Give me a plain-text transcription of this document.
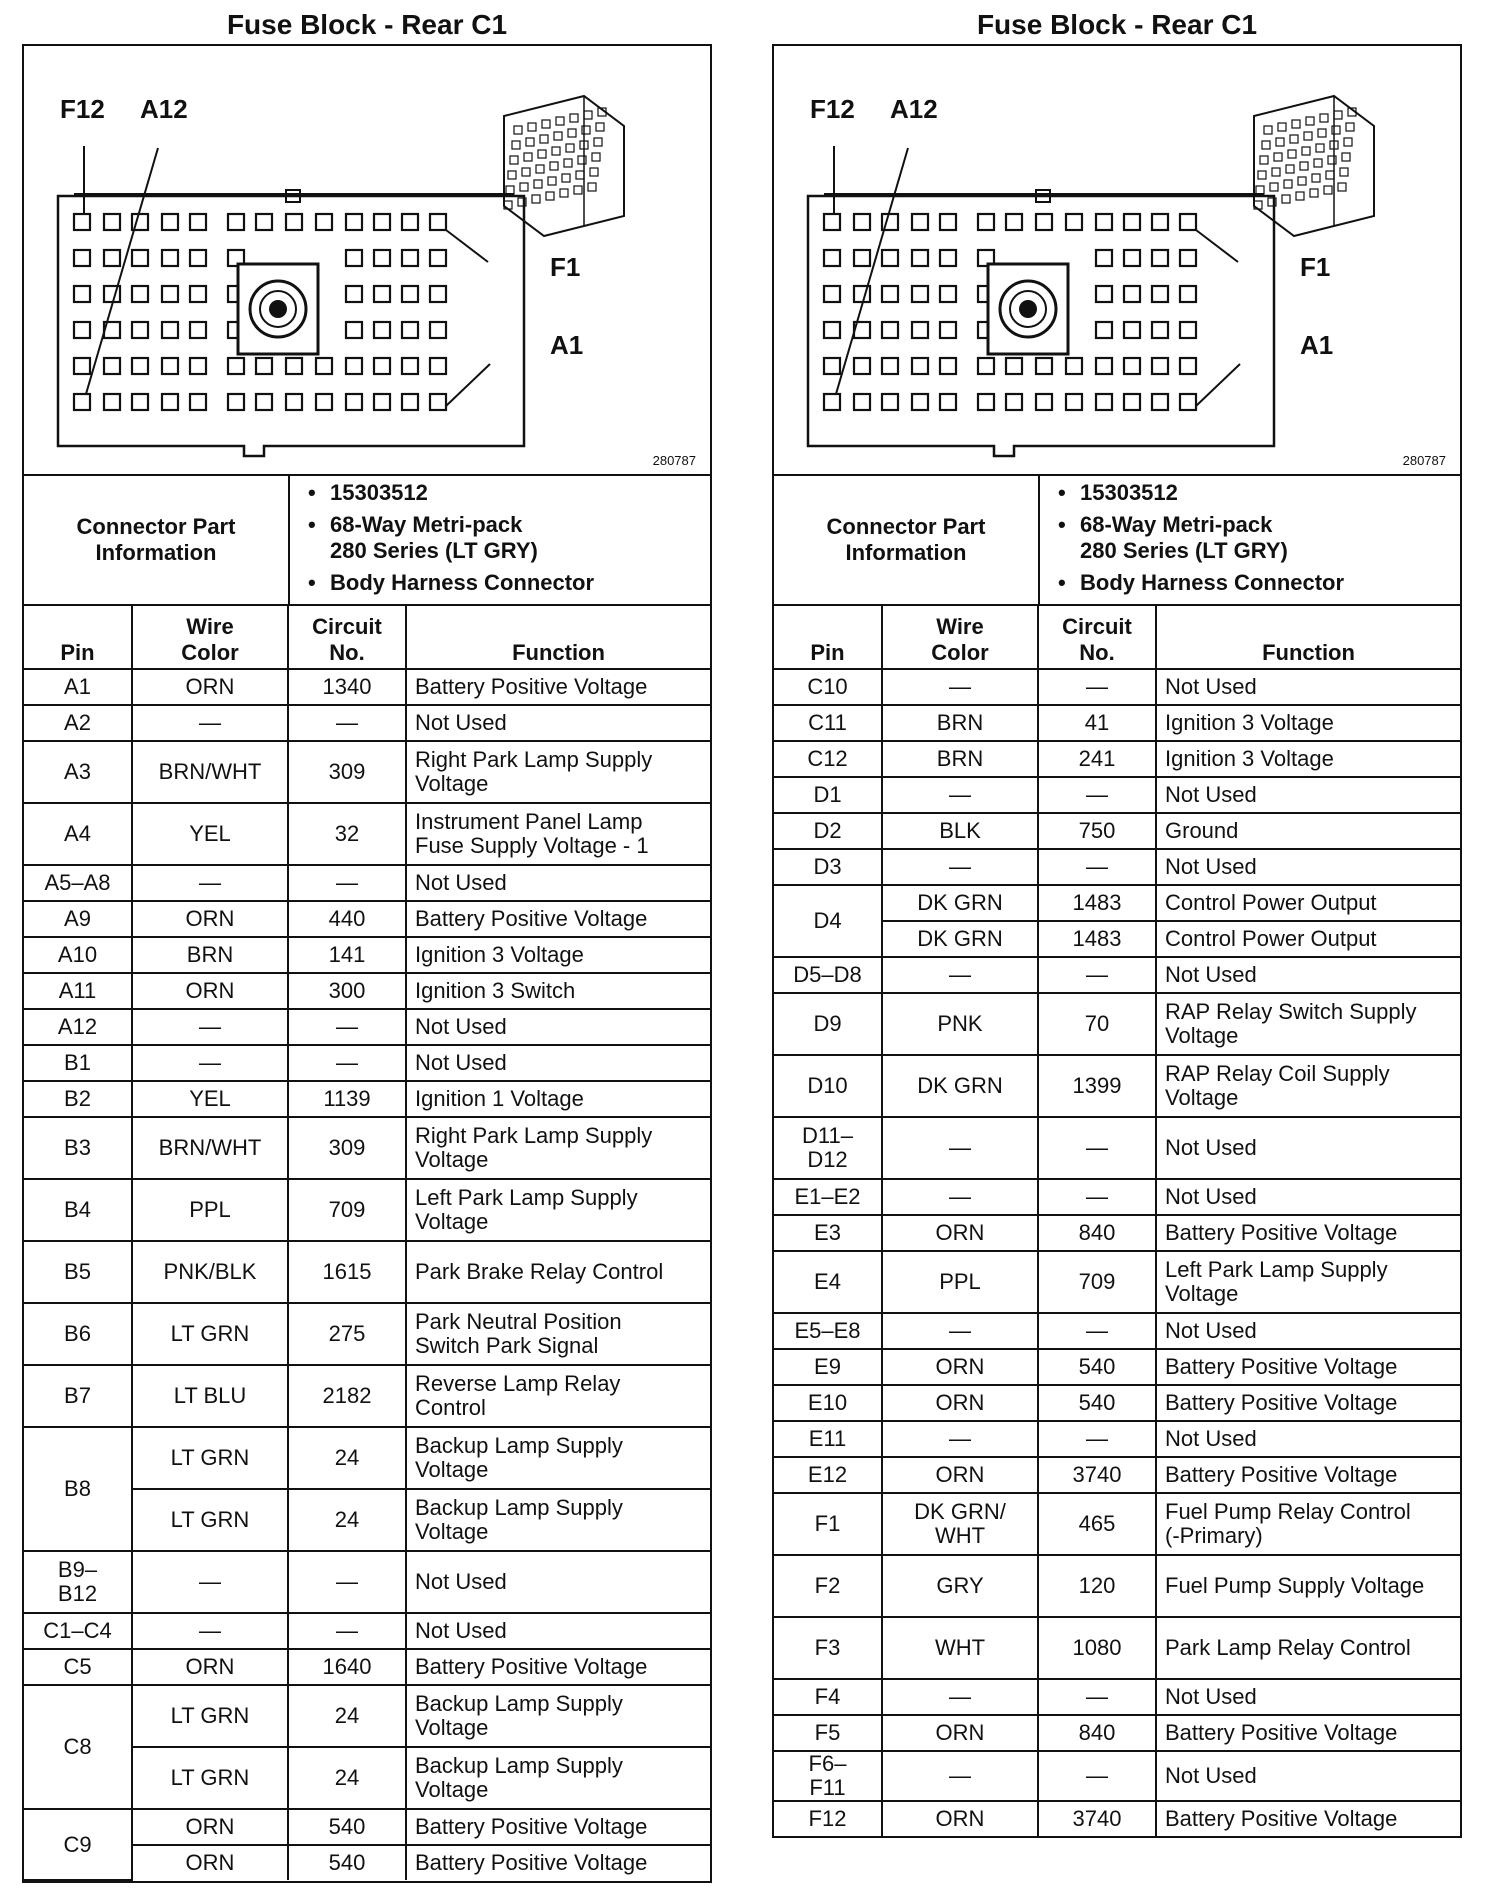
Fuse Block - Rear C1
F12 A12
F1
A1
280787
Connector Part Information
• 15303512
• 68-Way Metri-pack
280 Series (LT GRY)
• Body Harness Connector
Pin	Wire Color	Circuit No.	Function

A1	ORN	1340	Battery Positive Voltage

A2	—	—	Not Used

A3	BRN/WHT	309	Right Park Lamp Supply Voltage

A4	YEL	32	Instrument Panel Lamp Fuse Supply Voltage - 1

A5–A8	—	—	Not Used

A9	ORN	440	Battery Positive Voltage

A10	BRN	141	Ignition 3 Voltage

A11	ORN	300	Ignition 3 Switch

A12	—	—	Not Used

B1	—	—	Not Used

B2	YEL	1139	Ignition 1 Voltage

B3	BRN/WHT	309	Right Park Lamp Supply Voltage

B4	PPL	709	Left Park Lamp Supply Voltage

B5	PNK/BLK	1615	Park Brake Relay Control

B6	LT GRN	275	Park Neutral Position Switch Park Signal

B7	LT BLU	2182	Reverse Lamp Relay Control

B8	LT GRN	24	Backup Lamp Supply Voltage

	LT GRN	24	Backup Lamp Supply Voltage

B9–B12	—	—	Not Used

C1–C4	—	—	Not Used

C5	ORN	1640	Battery Positive Voltage

C8	LT GRN	24	Backup Lamp Supply Voltage

	LT GRN	24	Backup Lamp Supply Voltage

C9	ORN	540	Battery Positive Voltage

	ORN	540	Battery Positive Voltage
Fuse Block - Rear C1
F12 A12
F1
A1
280787
Connector Part Information
• 15303512
• 68-Way Metri-pack
280 Series (LT GRY)
• Body Harness Connector
Pin	Wire Color	Circuit No.	Function

C10	—	—	Not Used

C11	BRN	41	Ignition 3 Voltage

C12	BRN	241	Ignition 3 Voltage

D1	—	—	Not Used

D2	BLK	750	Ground

D3	—	—	Not Used

D4	DK GRN	1483	Control Power Output

	DK GRN	1483	Control Power Output

D5–D8	—	—	Not Used

D9	PNK	70	RAP Relay Switch Supply Voltage

D10	DK GRN	1399	RAP Relay Coil Supply Voltage

D11–D12	—	—	Not Used

E1–E2	—	—	Not Used

E3	ORN	840	Battery Positive Voltage

E4	PPL	709	Left Park Lamp Supply Voltage

E5–E8	—	—	Not Used

E9	ORN	540	Battery Positive Voltage

E10	ORN	540	Battery Positive Voltage

E11	—	—	Not Used

E12	ORN	3740	Battery Positive Voltage

F1	DK GRN/ WHT	465	Fuel Pump Relay Control (-Primary)

F2	GRY	120	Fuel Pump Supply Voltage

F3	WHT	1080	Park Lamp Relay Control

F4	—	—	Not Used

F5	ORN	840	Battery Positive Voltage

F6–F11	—	—	Not Used

F12	ORN	3740	Battery Positive Voltage
